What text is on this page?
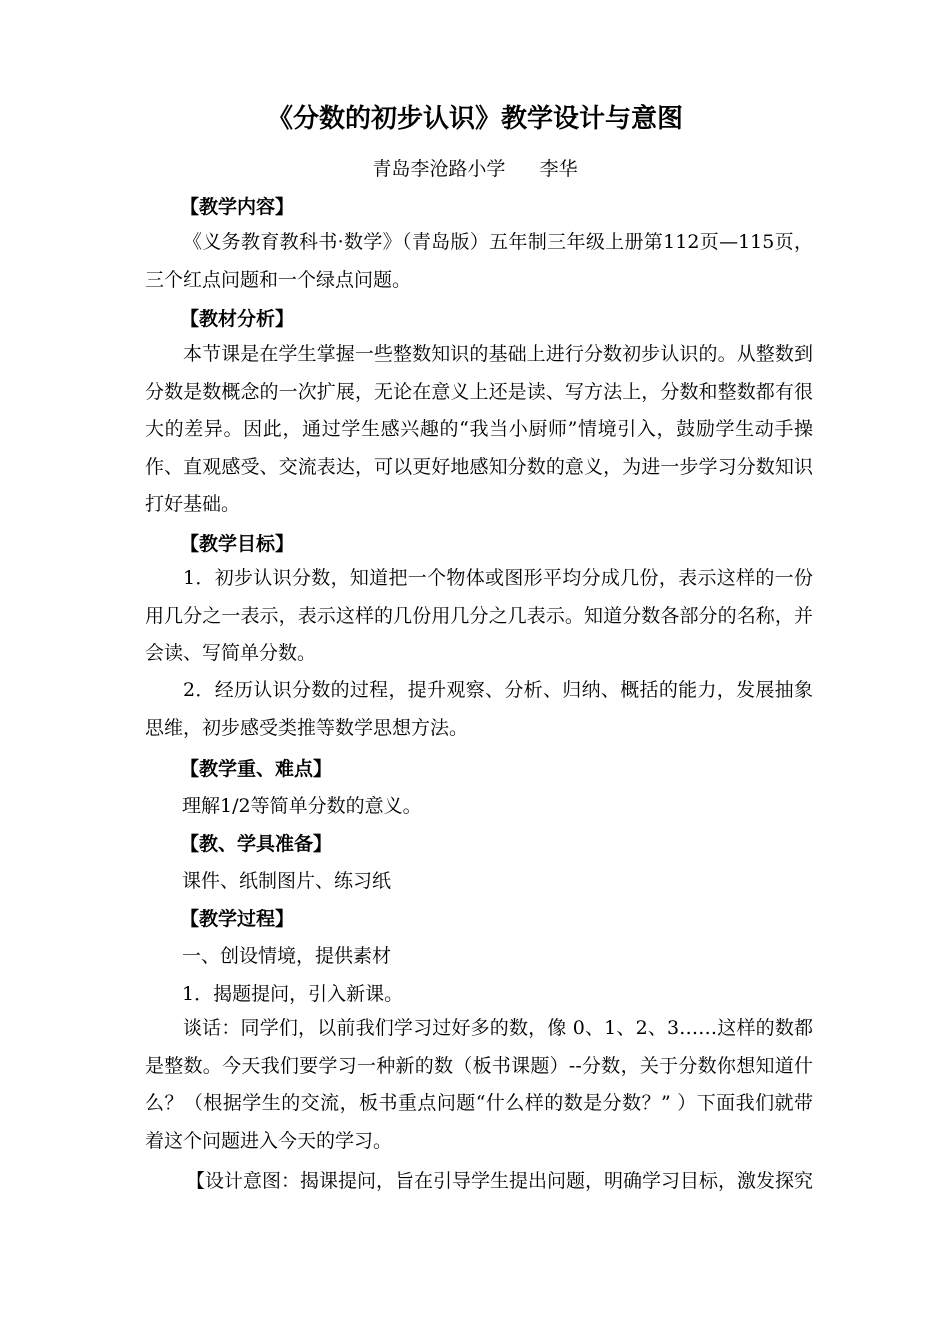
《分数的初步认识》教学设计与意图
青岛李沧路小学   李华
【教学内容】
《义务教育教科书·数学》（青岛版）五年制三年级上册第112页—115页，三个红点问题和一个绿点问题。
【教材分析】
本节课是在学生掌握一些整数知识的基础上进行分数初步认识的。从整数到分数是数概念的一次扩展，无论在意义上还是读、写方法上，分数和整数都有很大的差异。因此，通过学生感兴趣的“我当小厨师”情境引入，鼓励学生动手操作、直观感受、交流表达，可以更好地感知分数的意义，为进一步学习分数知识打好基础。
【教学目标】
1．初步认识分数，知道把一个物体或图形平均分成几份，表示这样的一份用几分之一表示，表示这样的几份用几分之几表示。知道分数各部分的名称，并会读、写简单分数。
2．经历认识分数的过程，提升观察、分析、归纳、概括的能力，发展抽象思维，初步感受类推等数学思想方法。
【教学重、难点】
理解1/2等简单分数的意义。
【教、学具准备】
课件、纸制图片、练习纸
【教学过程】
一、创设情境，提供素材
1．揭题提问，引入新课。
谈话：同学们，以前我们学习过好多的数，像 0、1、2、3……这样的数都是整数。今天我们要学习一种新的数（板书课题）--分数，关于分数你想知道什么？（根据学生的交流，板书重点问题“什么样的数是分数？” ）下面我们就带着这个问题进入今天的学习。
【设计意图：揭课提问，旨在引导学生提出问题，明确学习目标，激发探究
